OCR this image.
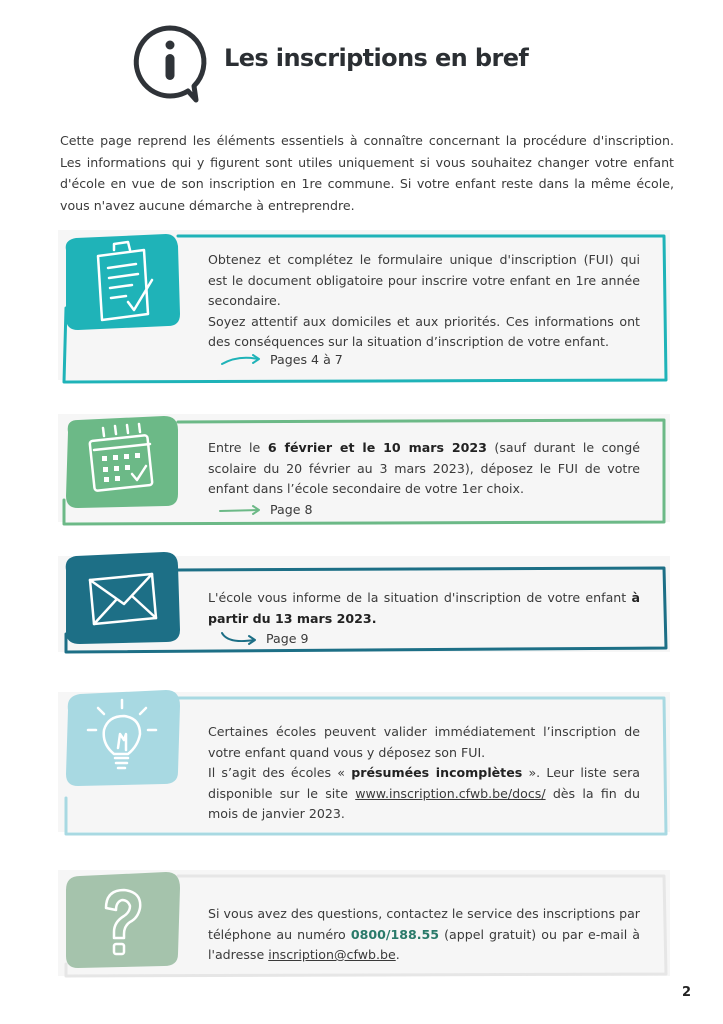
Les inscriptions en bref

Cette page reprend les éléments essentiels à connaître concernant la procédure d'inscription. Les informations qui y figurent sont utiles uniquement si vous souhaitez changer votre enfant d'école en vue de son inscription en 1re commune. Si votre enfant reste dans la même école, vous n'avez aucune démarche à entreprendre.

Obtenez et complétez le formulaire unique d'inscription (FUI) qui est le document obligatoire pour inscrire votre enfant en 1re année secondaire.

Soyez attentif aux domiciles et aux priorités. Ces informations ont des conséquences sur la situation d’inscription de votre enfant.

Pages 4 à 7

Entre le 6 février et le 10 mars 2023 (sauf durant le congé scolaire du 20 février au 3 mars 2023), déposez le FUI de votre enfant dans l’école secondaire de votre 1er choix.

Page 8

L'école vous informe de la situation d'inscription de votre enfant à partir du 13 mars 2023.

Page 9

Certaines écoles peuvent valider immédiatement l’inscription de votre enfant quand vous y déposez son FUI.

Il s’agit des écoles « présumées incomplètes ». Leur liste sera disponible sur le site www.inscription.cfwb.be/docs/ dès la fin du mois de janvier 2023.

Si vous avez des questions, contactez le service des inscriptions par téléphone au numéro 0800/188.55 (appel gratuit) ou par e-mail à l'adresse inscription@cfwb.be.

2
